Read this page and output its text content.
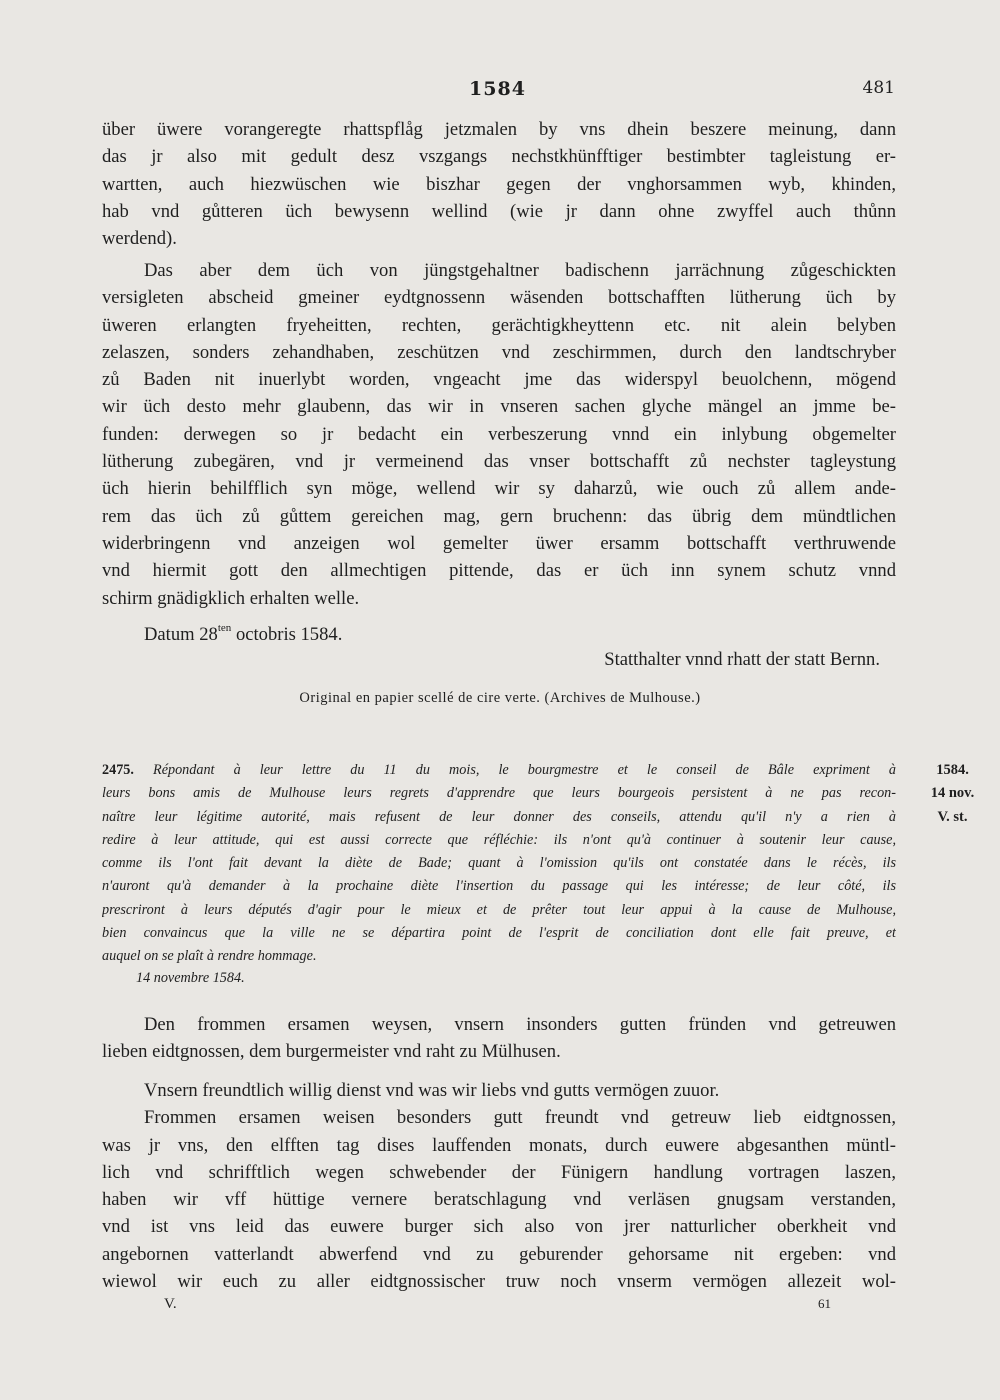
1584	481
über üwere vorangeregte rhattspflåg jetzmalen by vns dhein beszere meinung, dann
das jr also mit gedult desz vszgangs nechstkhünfftiger bestimbter tagleistung er-
wartten, auch hiezwüschen wie biszhar gegen der vnghorsammen wyb, khinden,
hab vnd gůtteren üch bewysenn wellind (wie jr dann ohne zwyffel auch thůnn
werdend).
Das aber dem üch von jüngstgehaltner badischenn jarrächnung zůgeschickten
versigleten abscheid gmeiner eydtgnossenn wäsenden bottschafften lütherung üch by
üweren erlangten fryeheitten, rechten, gerächtigkheyttenn etc. nit alein belyben
zelaszen, sonders zehandhaben, zeschützen vnd zeschirmmen, durch den landtschryber
zů Baden nit inuerlybt worden, vngeacht jme das widerspyl beuolchenn, mögend
wir üch desto mehr glaubenn, das wir in vnseren sachen glyche mängel an jmme be-
funden: derwegen so jr bedacht ein verbeszerung vnnd ein inlybung obgemelter
lütherung zubegären, vnd jr vermeinend das vnser bottschafft zů nechster tagleystung
üch hierin behilfflich syn möge, wellend wir sy daharzů, wie ouch zů allem ande-
rem das üch zů gůttem gereichen mag, gern bruchenn: das übrig dem mündtlichen
widerbringenn vnd anzeigen wol gemelter üwer ersamm bottschafft verthruwende
vnd hiermit gott den allmechtigen pittende, das er üch inn synem schutz vnnd
schirm gnädigklich erhalten welle.
Datum $28^{ten}$ octobris 1584.
Statthalter vnnd rhatt der statt Bernn.
Original en papier scellé de cire verte. (Archives de Mulhouse.)
2475. Répondant à leur lettre du 11 du mois, le bourgmestre et le conseil de Bâle expriment à
leurs bons amis de Mulhouse leurs regrets d'apprendre que leurs bourgeois persistent à ne pas recon-
naître leur légitime autorité, mais refusent de leur donner des conseils, attendu qu'il n'y a rien à
redire à leur attitude, qui est aussi correcte que réfléchie: ils n'ont qu'à continuer à soutenir leur cause,
comme ils l'ont fait devant la diète de Bade; quant à l'omission qu'ils ont constatée dans le récès, ils
n'auront qu'à demander à la prochaine diète l'insertion du passage qui les intéresse; de leur côté, ils
prescriront à leurs députés d'agir pour le mieux et de prêter tout leur appui à la cause de Mulhouse,
bien convaincus que la ville ne se départira point de l'esprit de conciliation dont elle fait preuve, et
auquel on se plaît à rendre hommage.
1584.
14 nov.
V. st.
14 novembre 1584.
Den frommen ersamen weysen, vnsern insonders gutten fründen vnd getreuwen
lieben eidtgnossen, dem burgermeister vnd raht zu Mülhusen.
Vnsern freundtlich willig dienst vnd was wir liebs vnd gutts vermögen zuuor.
Frommen ersamen weisen besonders gutt freundt vnd getreuw lieb eidtgnossen,
was jr vns, den elfften tag dises lauffenden monats, durch euwere abgesanthen müntl-
lich vnd schrifftlich wegen schwebender der Fünigern handlung vortragen laszen,
haben wir vff hüttige vernere beratschlagung vnd verläsen gnugsam verstanden,
vnd ist vns leid das euwere burger sich also von jrer natturlicher oberkheit vnd
angebornen vatterlandt abwerfend vnd zu geburender gehorsame nit ergeben: vnd
wiewol wir euch zu aller eidtgnossischer truw noch vnserm vermögen allezeit wol-
V.	61
